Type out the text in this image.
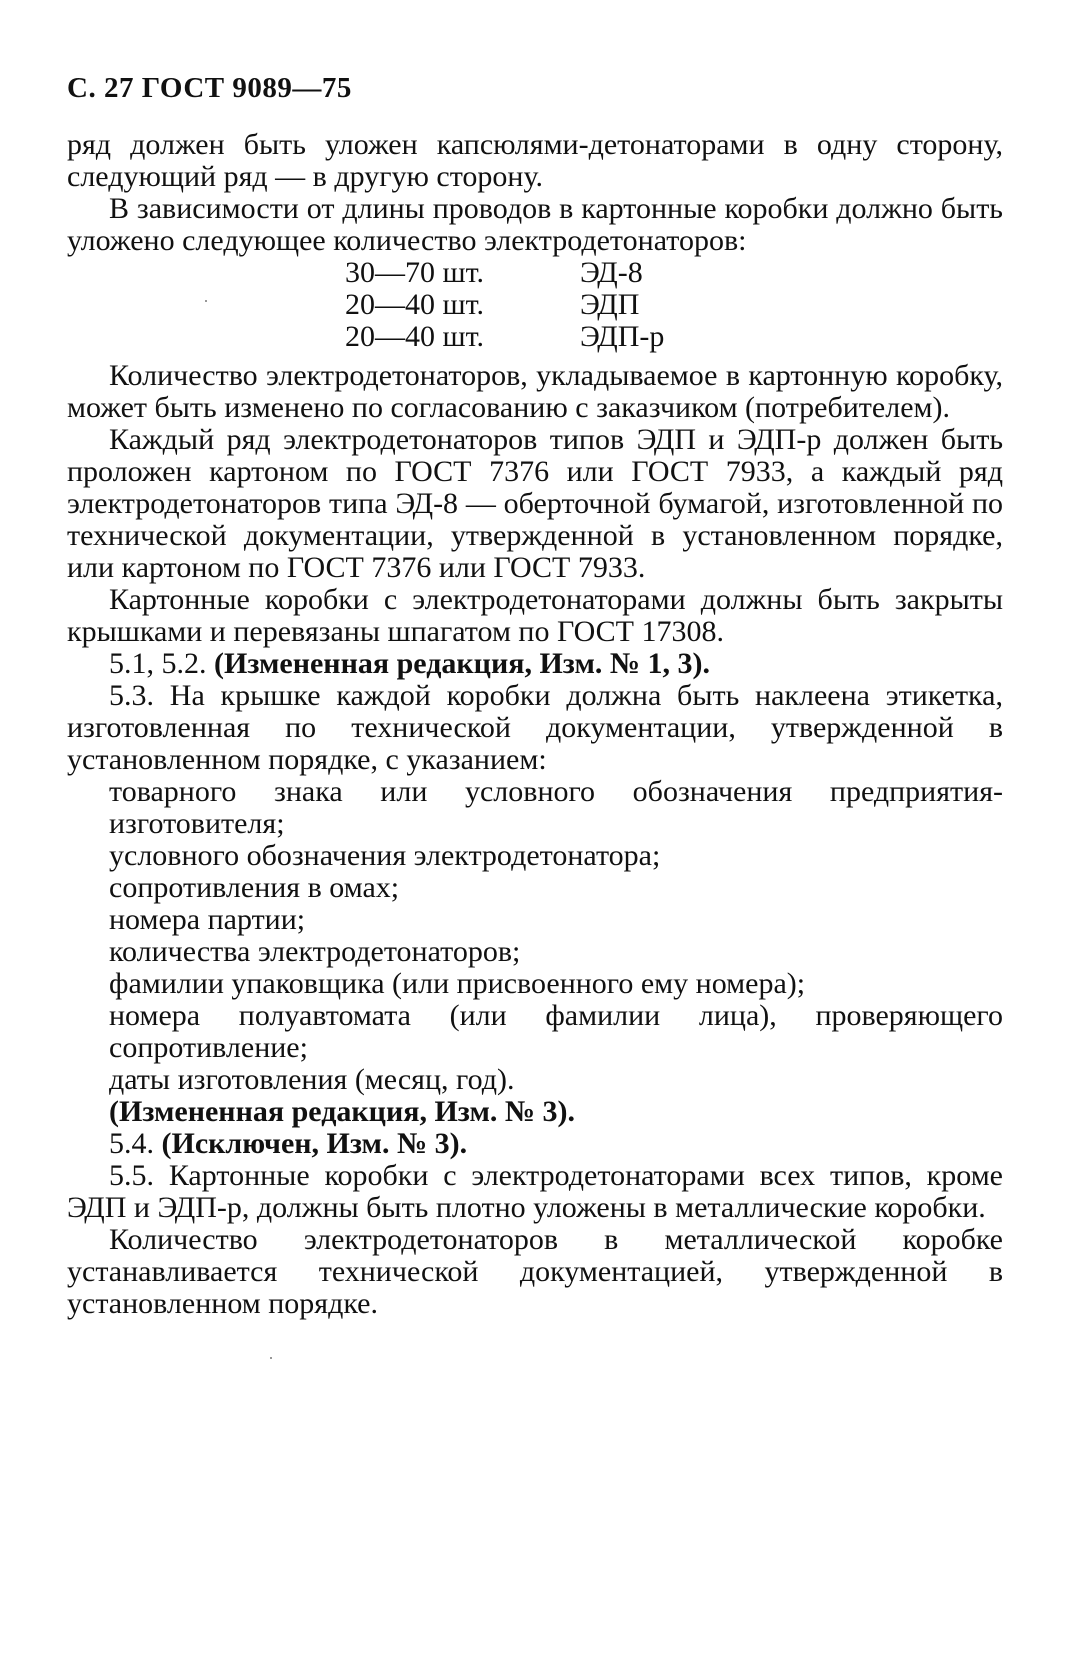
С. 27 ГОСТ 9089—75

ряд должен быть уложен капсюлями-детонаторами в одну сторону, следующий ряд — в другую сторону.

В зависимости от длины проводов в картонные коробки должно быть уложено следующее количество электродетонаторов:

30—70 шт.	ЭД-8
20—40 шт.	ЭДП
20—40 шт.	ЭДП-р

Количество электродетонаторов, укладываемое в картонную коробку, может быть изменено по согласованию с заказчиком (потребителем).

Каждый ряд электродетонаторов типов ЭДП и ЭДП-р должен быть проложен картоном по ГОСТ 7376 или ГОСТ 7933, а каждый ряд электродетонаторов типа ЭД-8 — оберточной бумагой, изготовленной по технической документации, утвержденной в установленном порядке, или картоном по ГОСТ 7376 или ГОСТ 7933.

Картонные коробки с электродетонаторами должны быть закрыты крышками и перевязаны шпагатом по ГОСТ 17308.

5.1, 5.2. (Измененная редакция, Изм. № 1, 3).

5.3. На крышке каждой коробки должна быть наклеена этикетка, изготовленная по технической документации, утвержденной в установленном порядке, с указанием:

товарного знака или условного обозначения предприятия-изготовителя;

условного обозначения электродетонатора;

сопротивления в омах;

номера партии;

количества электродетонаторов;

фамилии упаковщика (или присвоенного ему номера);

номера полуавтомата (или фамилии лица), проверяющего сопротивление;

даты изготовления (месяц, год).

(Измененная редакция, Изм. № 3).

5.4. (Исключен, Изм. № 3).

5.5. Картонные коробки с электродетонаторами всех типов, кроме ЭДП и ЭДП-р, должны быть плотно уложены в металлические коробки.

Количество электродетонаторов в металлической коробке устанавливается технической документацией, утвержденной в установленном порядке.
